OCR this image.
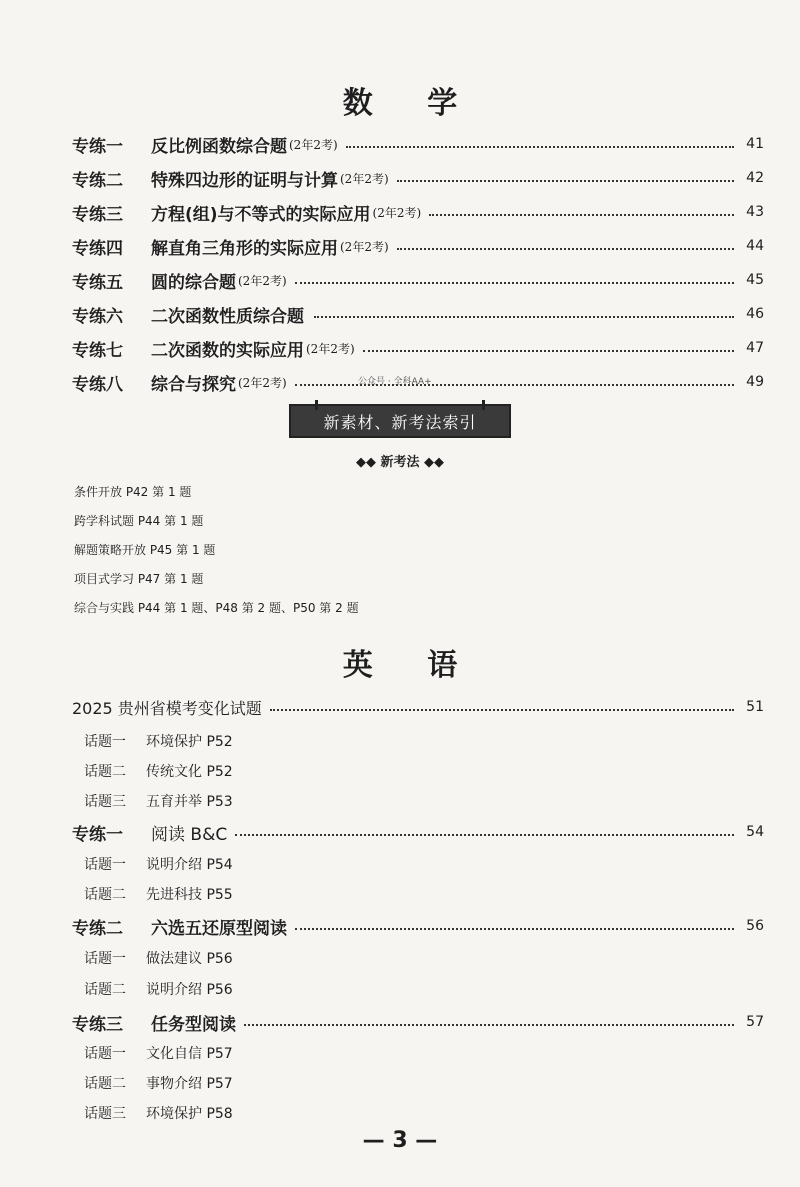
数 学
专练一	反比例函数综合题 (2年2考)	41
专练二	特殊四边形的证明与计算 (2年2考)	42
专练三	方程(组)与不等式的实际应用 (2年2考)	43
专练四	解直角三角形的实际应用 (2年2考)	44
专练五	圆的综合题 (2年2考)	45
专练六	二次函数性质综合题	46
专练七	二次函数的实际应用 (2年2考)	47
专练八	综合与探究 (2年2考)	49
公众号 · 全科AA+
新素材、新考法索引
◆◆ 新考法 ◆◆
条件开放 P42 第 1 题
跨学科试题 P44 第 1 题
解题策略开放 P45 第 1 题
项目式学习 P47 第 1 题
综合与实践 P44 第 1 题、P48 第 2 题、P50 第 2 题
英 语
2025 贵州省模考变化试题	51
话题一	环境保护 P52
话题二	传统文化 P52
话题三	五育并举 P53
专练一	阅读 B&C	54
话题一	说明介绍 P54
话题二	先进科技 P55
专练二	六选五还原型阅读	56
话题一	做法建议 P56
话题二	说明介绍 P56
专练三	任务型阅读	57
话题一	文化自信 P57
话题二	事物介绍 P57
话题三	环境保护 P58
— 3 —
